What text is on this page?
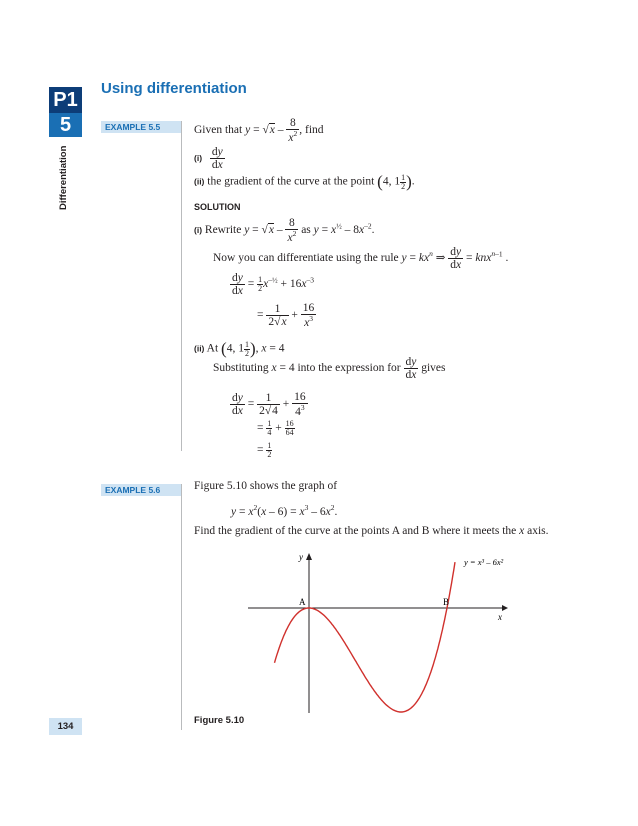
P1
5
Differentiation
134
Using differentiation
EXAMPLE 5.5	Given that $y = √x - \frac{8}{x^2}$ , find
$(i) \frac{dy}{dx}$
(ii) the gradient of the curve at the point (4, $1 \frac{1}{2}$ ).
SOLUTION
(i) Rewrite $y = √x - \frac{8}{x^2}$ as $y = x^{\frac{1}{2}} - 8x^{-2}$.
Now you can differentiate using the rule $y = kx^n$ ⇒ $\frac{dy}{dx} = knx^{n-1}$ .
$\frac{dy}{dx} = \frac{1}{2} x^{-\frac{1}{2}} + 16x^{-3}$
= $\frac{1}{2√x} + \frac{16}{x^3}$
(ii) At (4, $1 \frac{1}{2}$ ), x = 4
Substituting x = 4 into the expression for $\frac{dy}{dx}$ gives
$\frac{dy}{dx} = \frac{1}{2√4} + \frac{16}{4^3}$
= $\frac{1}{4} + \frac{16}{64}$
= $\frac{1}{2}$
EXAMPLE 5.6	Figure 5.10 shows the graph of
$y = x^2(x - 6) = x^3 - 6x^2$.
Find the gradient of the curve at the points A and B where it meets the x axis.
x
y
A	B
y = x³ – 6x²
Figure 5.10
